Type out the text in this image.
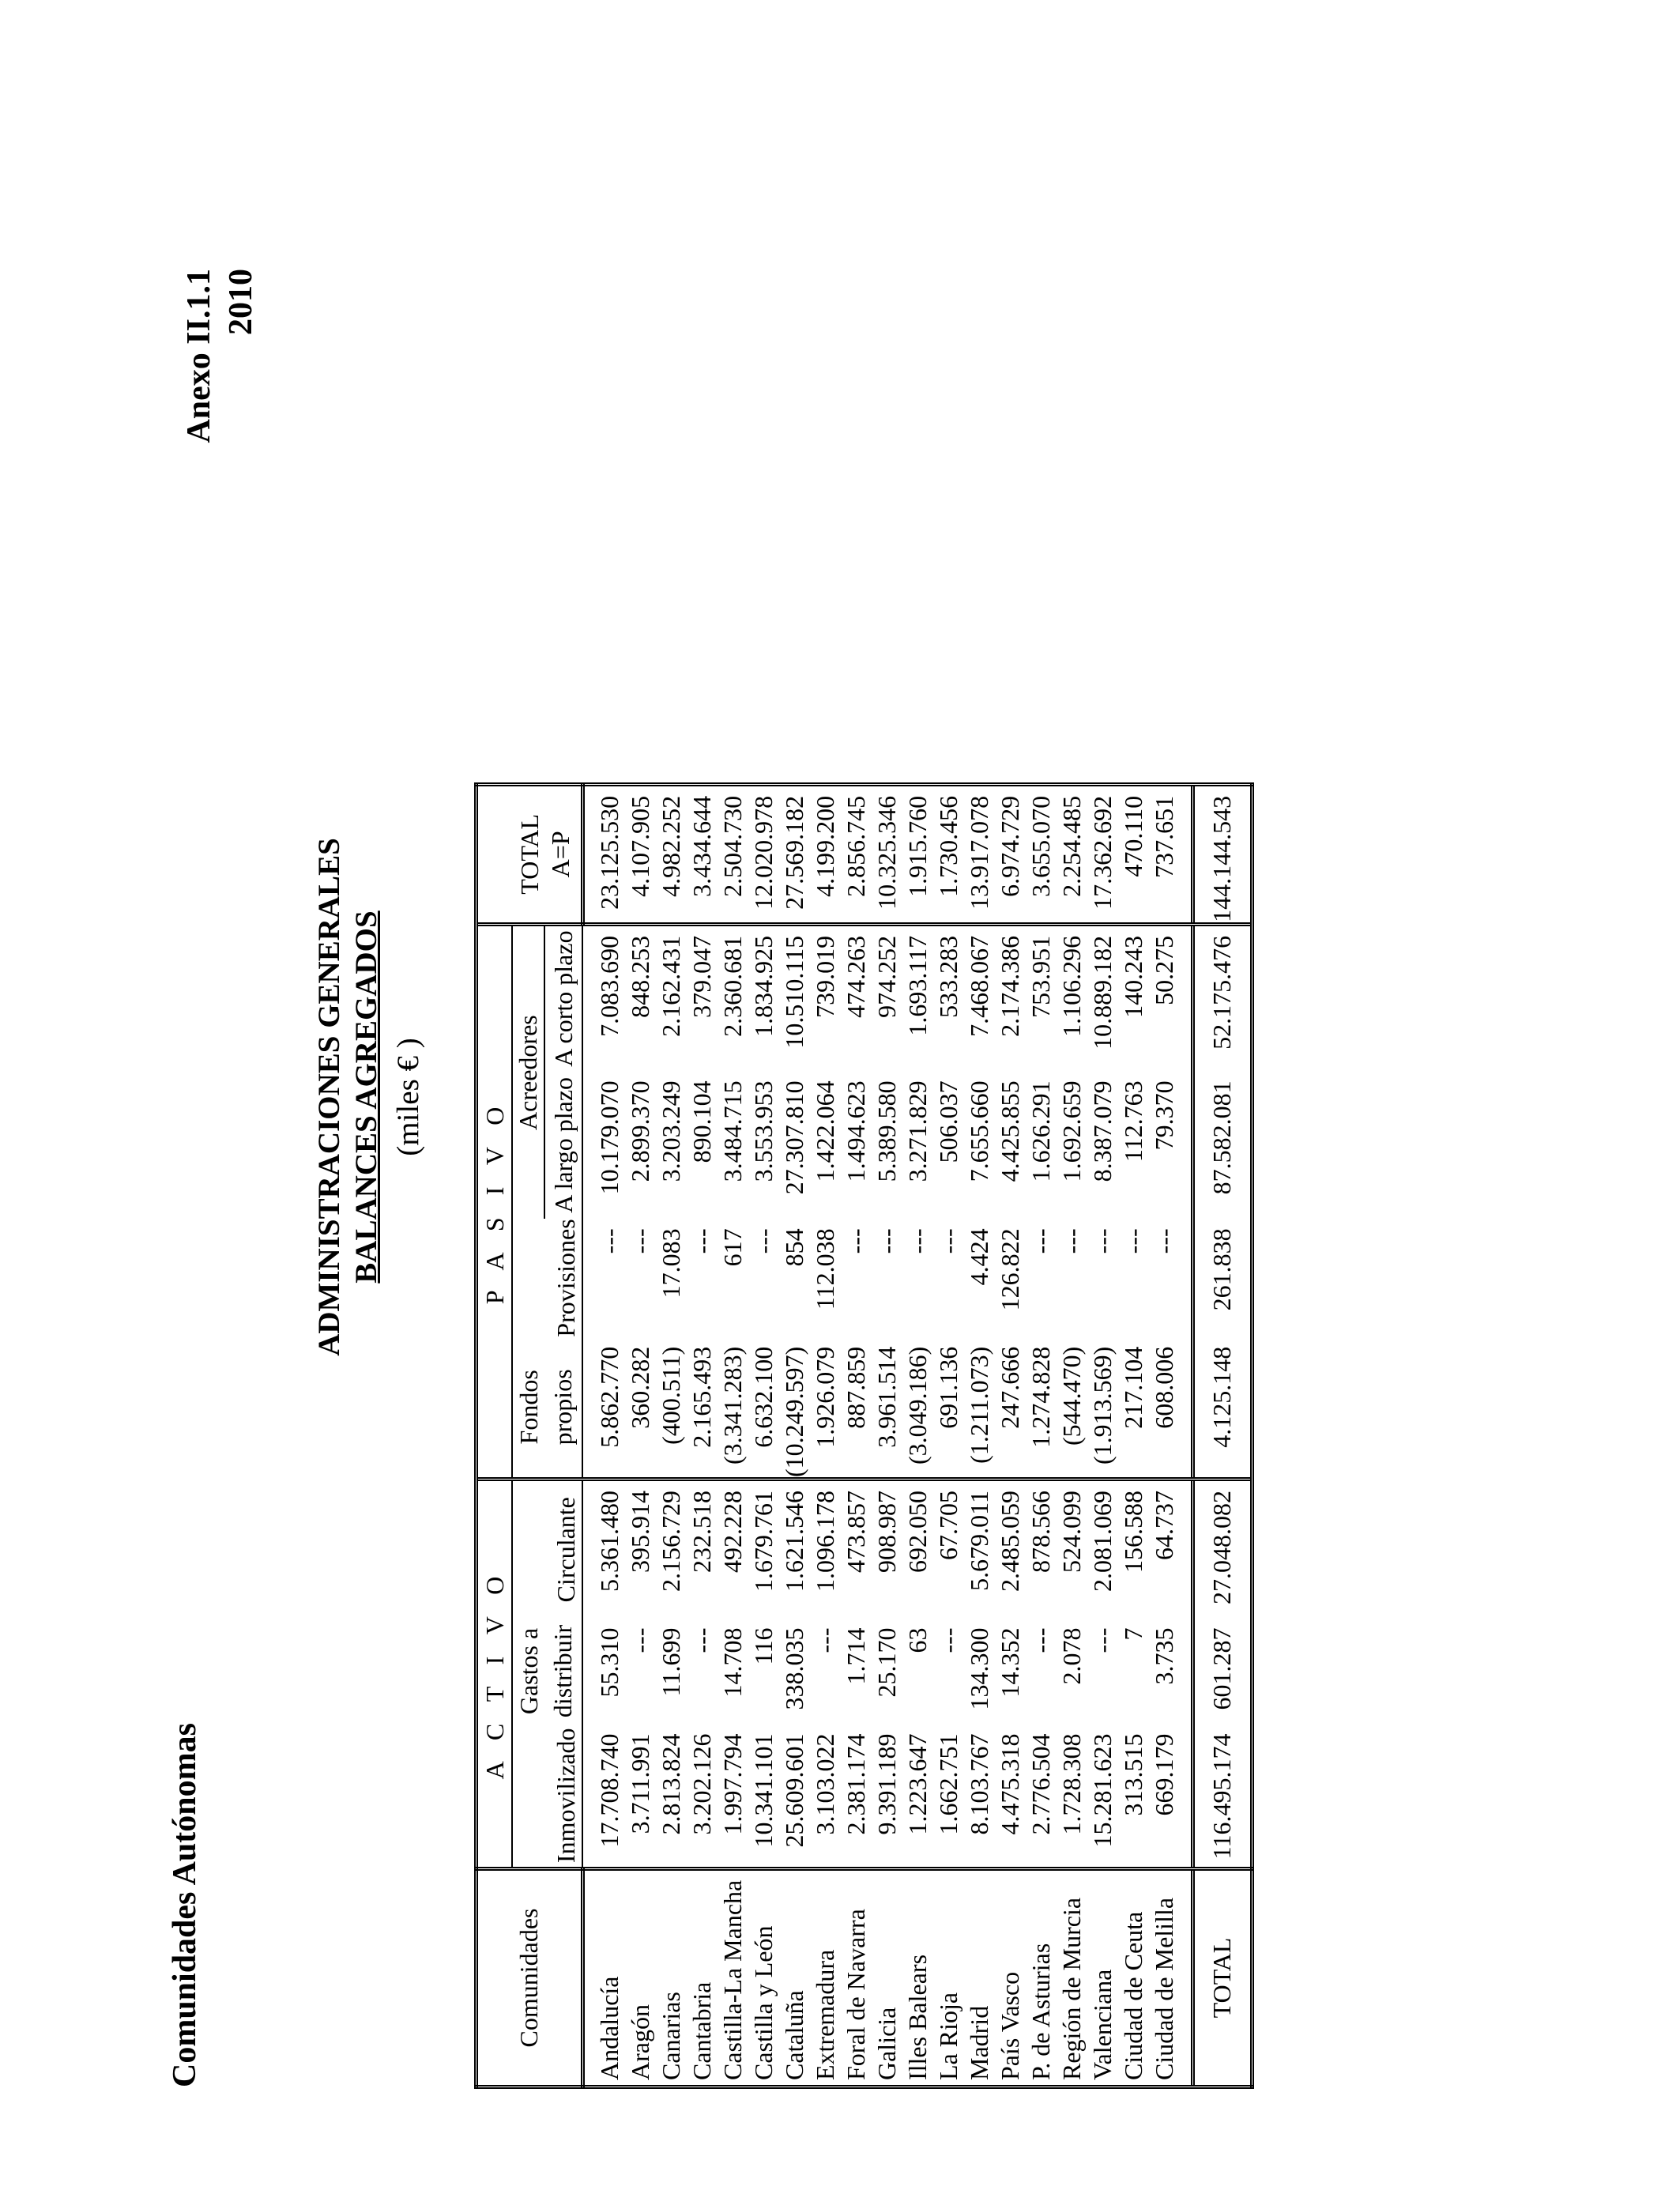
Comunidades Autónomas
Anexo II.1.1 2010
ADMINISTRACIONES GENERALES BALANCES AGREGADOS (miles € )
Comunidades	A C T I V O			P A S I V O				TOTAL A=P

	Inmovilizado	Gastos a	Circulante	Fondos	Provisiones	Acreedores		
		distribuir		propios		A largo plazo	A corto plazo	

Andalucía	17.708.740	55.310	5.361.480	5.862.770	---	10.179.070	7.083.690	23.125.530
Aragón	3.711.991	---	395.914	360.282	---	2.899.370	848.253	4.107.905
Canarias	2.813.824	11.699	2.156.729	(400.511)	17.083	3.203.249	2.162.431	4.982.252
Cantabria	3.202.126	---	232.518	2.165.493	---	890.104	379.047	3.434.644
Castilla-La Mancha	1.997.794	14.708	492.228	(3.341.283)	617	3.484.715	2.360.681	2.504.730
Castilla y León	10.341.101	116	1.679.761	6.632.100	---	3.553.953	1.834.925	12.020.978
Cataluña	25.609.601	338.035	1.621.546	(10.249.597)	854	27.307.810	10.510.115	27.569.182
Extremadura	3.103.022	---	1.096.178	1.926.079	112.038	1.422.064	739.019	4.199.200
Foral de Navarra	2.381.174	1.714	473.857	887.859	---	1.494.623	474.263	2.856.745
Galicia	9.391.189	25.170	908.987	3.961.514	---	5.389.580	974.252	10.325.346
Illes Balears	1.223.647	63	692.050	(3.049.186)	---	3.271.829	1.693.117	1.915.760
La Rioja	1.662.751	---	67.705	691.136	---	506.037	533.283	1.730.456
Madrid	8.103.767	134.300	5.679.011	(1.211.073)	4.424	7.655.660	7.468.067	13.917.078
País Vasco	4.475.318	14.352	2.485.059	247.666	126.822	4.425.855	2.174.386	6.974.729
P. de Asturias	2.776.504	---	878.566	1.274.828	---	1.626.291	753.951	3.655.070
Región de Murcia	1.728.308	2.078	524.099	(544.470)	---	1.692.659	1.106.296	2.254.485
Valenciana	15.281.623	---	2.081.069	(1.913.569)	---	8.387.079	10.889.182	17.362.692
Ciudad de Ceuta	313.515	7	156.588	217.104	---	112.763	140.243	470.110
Ciudad de Melilla	669.179	3.735	64.737	608.006	---	79.370	50.275	737.651
TOTAL	116.495.174	601.287	27.048.082	4.125.148	261.838	87.582.081	52.175.476	144.144.543
